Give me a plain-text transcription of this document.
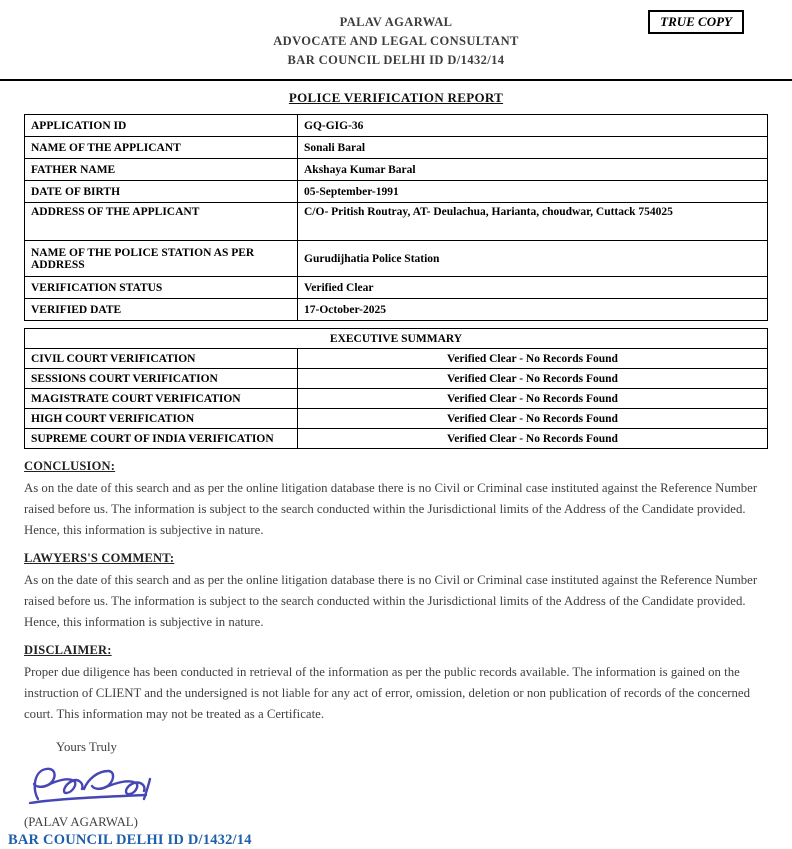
TRUE COPY
PALAV AGARWAL
ADVOCATE AND LEGAL CONSULTANT
BAR COUNCIL DELHI ID D/1432/14
POLICE VERIFICATION REPORT
APPLICATION ID	GQ-GIG-36
NAME OF THE APPLICANT	Sonali Baral
FATHER NAME	Akshaya Kumar Baral
DATE OF BIRTH	05-September-1991
ADDRESS OF THE APPLICANT	C/O- Pritish Routray, AT- Deulachua, Harianta, choudwar, Cuttack 754025
NAME OF THE POLICE STATION AS PER ADDRESS	Gurudijhatia Police Station
VERIFICATION STATUS	Verified Clear
VERIFIED DATE	17-October-2025
EXECUTIVE SUMMARY	
CIVIL COURT VERIFICATION	Verified Clear - No Records Found
SESSIONS COURT VERIFICATION	Verified Clear - No Records Found
MAGISTRATE COURT VERIFICATION	Verified Clear - No Records Found
HIGH COURT VERIFICATION	Verified Clear - No Records Found
SUPREME COURT OF INDIA VERIFICATION	Verified Clear - No Records Found
CONCLUSION:
As on the date of this search and as per the online litigation database there is no Civil or Criminal case instituted against the Reference Number raised before us. The information is subject to the search conducted within the Jurisdictional limits of the Address of the Candidate provided. Hence, this information is subjective in nature.
LAWYERS'S COMMENT:
As on the date of this search and as per the online litigation database there is no Civil or Criminal case instituted against the Reference Number raised before us. The information is subject to the search conducted within the Jurisdictional limits of the Address of the Candidate provided. Hence, this information is subjective in nature.
DISCLAIMER:
Proper due diligence has been conducted in retrieval of the information as per the public records available. The information is gained on the instruction of CLIENT and the undersigned is not liable for any act of error, omission, deletion or non publication of records of the concerned court. This information may not be treated as a Certificate.
Yours Truly
(PALAV AGARWAL)
BAR COUNCIL DELHI ID D/1432/14
